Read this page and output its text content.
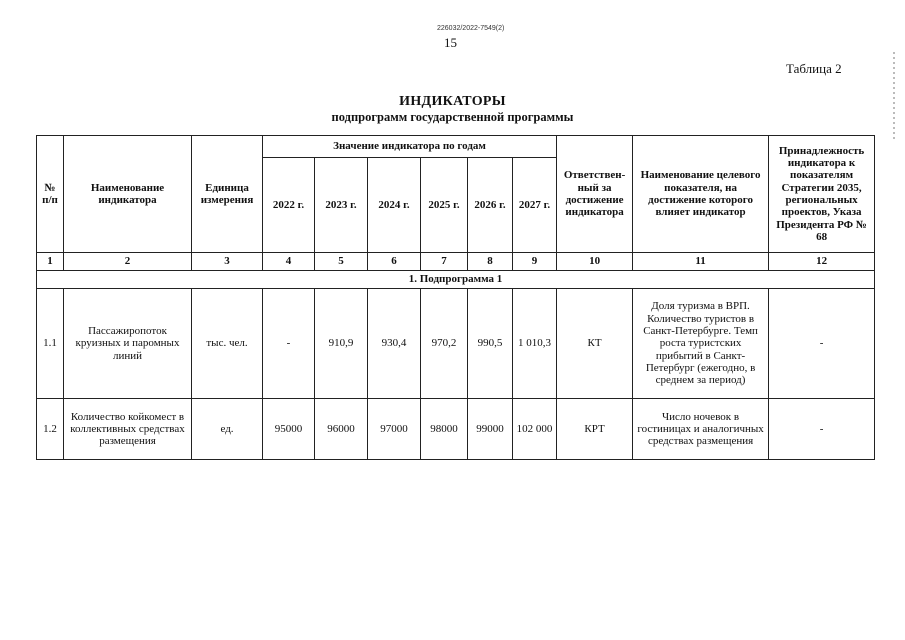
226032/2022-7549(2)
15
Таблица 2
ИНДИКАТОРЫ
подпрограмм государственной программы
№ п/п	Наименование индикатора	Единица измерения	Значение индикатора по годам						Ответствен-ный за достижение индикатора	Наименование целевого показателя, на достижение которого влияет индикатор	Принадлежность индикатора к показателям Стратегии 2035, региональных проектов, Указа Президента РФ № 68
			2022 г.	2023 г.	2024 г.	2025 г.	2026 г.	2027 г.			
1	2	3	4	5	6	7	8	9	10	11	12
1. Подпрограмма 1											
1.1	Пассажиропоток круизных и паромных линий	тыс. чел.	-	910,9	930,4	970,2	990,5	1 010,3	КТ	Доля туризма в ВРП. Количество туристов в Санкт-Петербурге. Темп роста туристских прибытий в Санкт-Петербург (ежегодно, в среднем за период)	-
1.2	Количество койкомест в коллективных средствах размещения	ед.	95000	96000	97000	98000	99000	102 000	КРТ	Число ночевок в гостиницах и аналогичных средствах размещения	-
